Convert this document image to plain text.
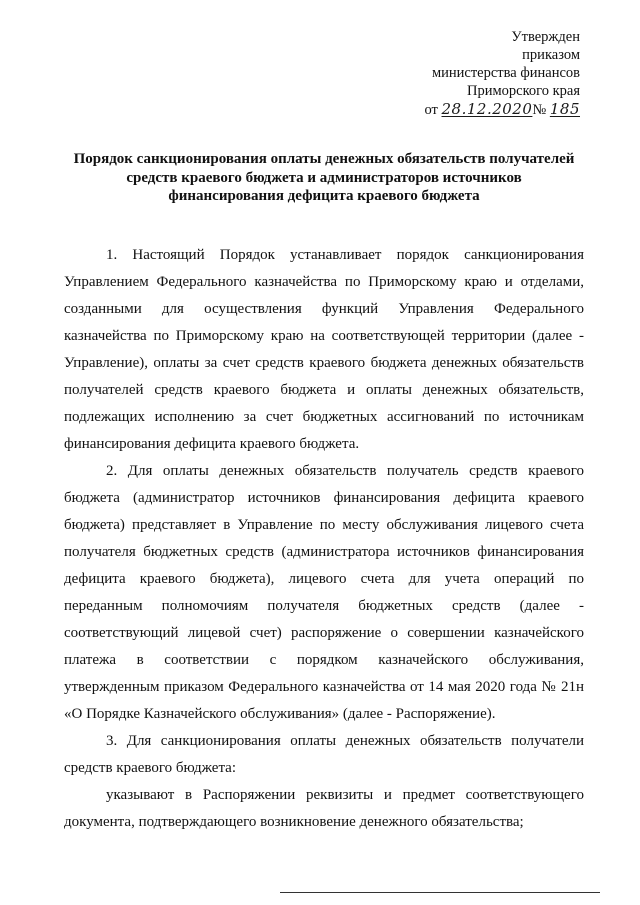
Утвержден
приказом
министерства финансов
Приморского края
от 28.12.2020№ 185
Порядок санкционирования оплаты денежных обязательств получателей
средств краевого бюджета и администраторов источников
финансирования дефицита краевого бюджета
1. Настоящий Порядок устанавливает порядок санкционирования
Управлением Федерального казначейства по Приморскому краю и отделами,
созданными для осуществления функций Управления Федерального
казначейства по Приморскому краю на соответствующей территории (далее -
Управление), оплаты за счет средств краевого бюджета денежных обязательств
получателей средств краевого бюджета и оплаты денежных обязательств,
подлежащих исполнению за счет бюджетных ассигнований по источникам
финансирования дефицита краевого бюджета.
2. Для оплаты денежных обязательств получатель средств краевого
бюджета (администратор источников финансирования дефицита краевого
бюджета) представляет в Управление по месту обслуживания лицевого счета
получателя бюджетных средств (администратора источников финансирования
дефицита краевого бюджета), лицевого счета для учета операций по
переданным полномочиям получателя бюджетных средств (далее -
соответствующий лицевой счет) распоряжение о совершении казначейского
платежа в соответствии с порядком казначейского обслуживания,
утвержденным приказом Федерального казначейства от 14 мая 2020 года № 21н
«О Порядке Казначейского обслуживания» (далее - Распоряжение).
3. Для санкционирования оплаты денежных обязательств получатели
средств краевого бюджета:
указывают в Распоряжении реквизиты и предмет соответствующего
документа, подтверждающего возникновение денежного обязательства;
